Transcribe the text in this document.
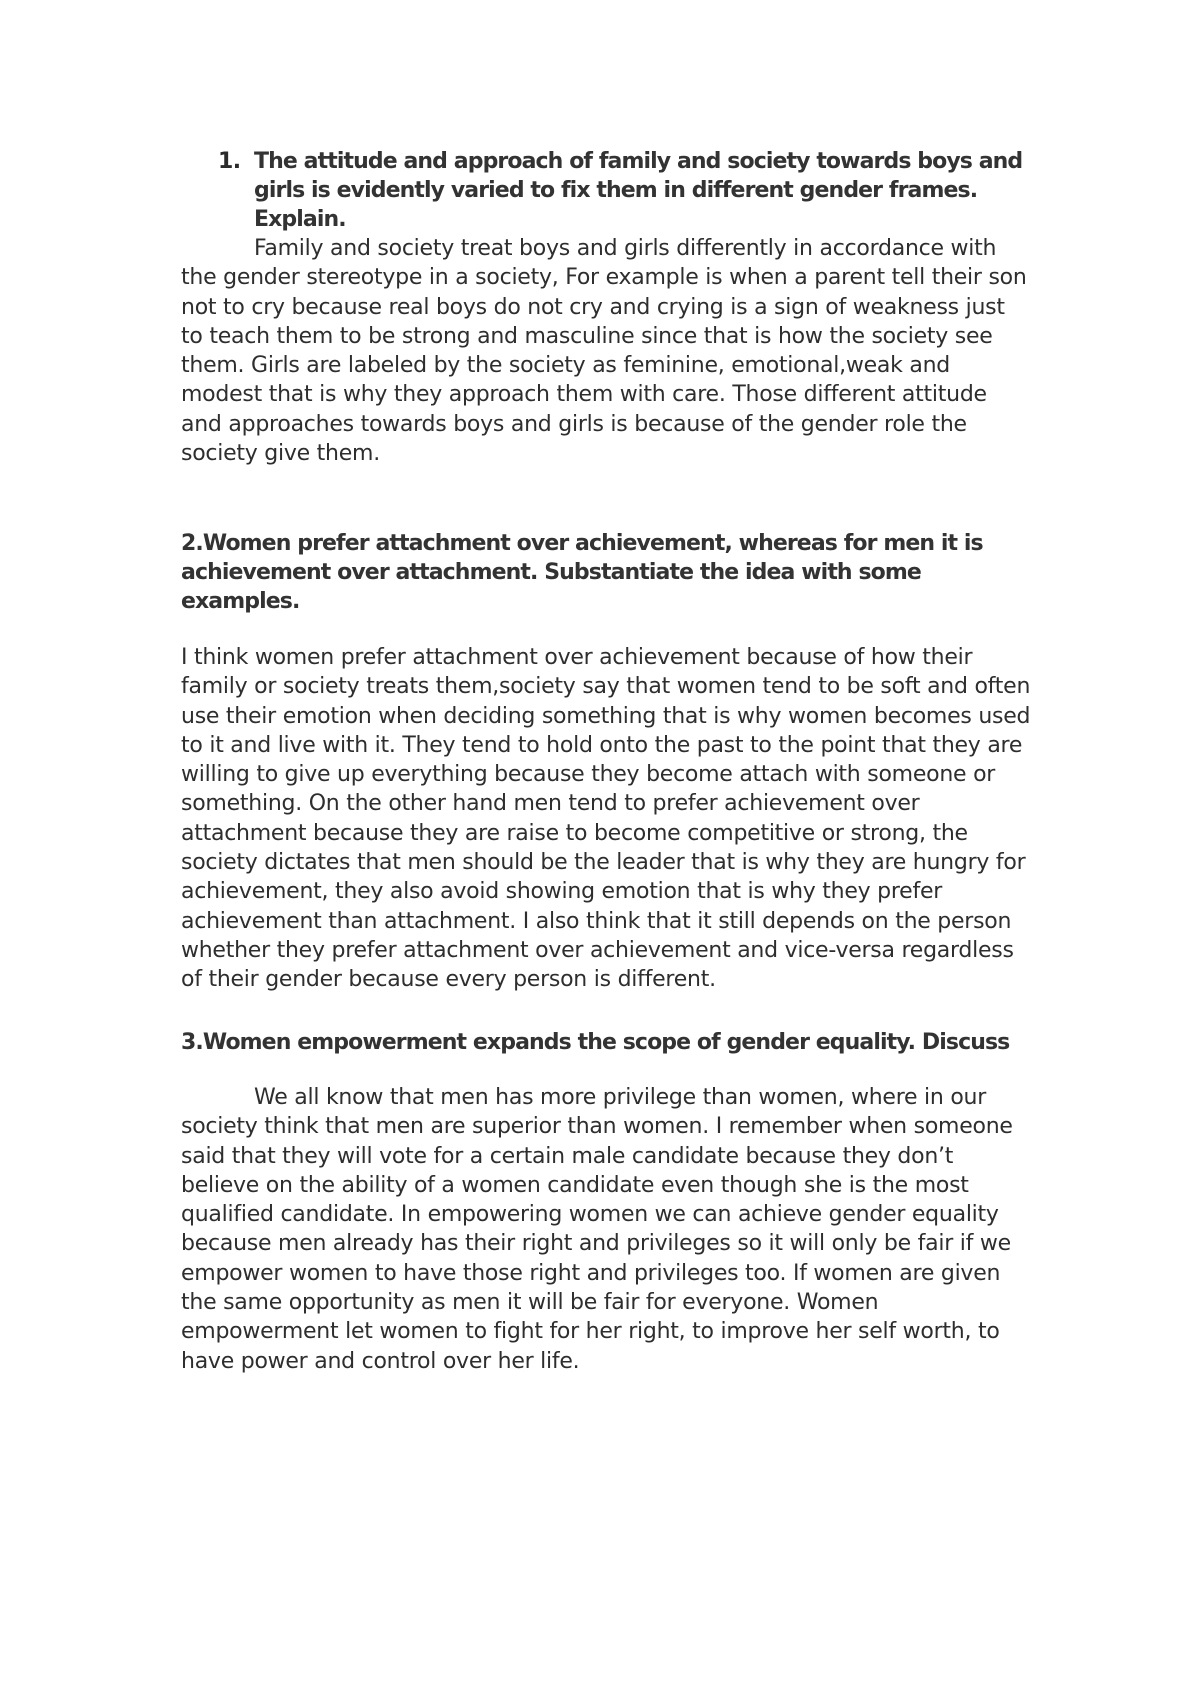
1. The attitude and approach of family and society towards boys and girls is evidently varied to fix them in different gender frames. Explain.

Family and society treat boys and girls differently in accordance with the gender stereotype in a society, For example is when a parent tell their son not to cry because real boys do not cry and crying is a sign of weakness just to teach them to be strong and masculine since that is how the society see them. Girls are labeled by the society as feminine, emotional,weak and modest that is why they approach them with care. Those different attitude and approaches towards boys and girls is because of the gender role the society give them.

2.Women prefer attachment over achievement, whereas for men it is achievement over attachment. Substantiate the idea with some examples.

I think women prefer attachment over achievement because of how their family or society treats them,society say that women tend to be soft and often use their emotion when deciding something that is why women becomes used to it and live with it. They tend to hold onto the past to the point that they are willing to give up everything because they become attach with someone or something. On the other hand men tend to prefer achievement over attachment because they are raise to become competitive or strong, the society dictates that men should be the leader that is why they are hungry for achievement, they also avoid showing emotion that is why they prefer achievement than attachment. I also think that it still depends on the person whether they prefer attachment over achievement and vice-versa regardless of their gender because every person is different.

3.Women empowerment expands the scope of gender equality. Discuss

We all know that men has more privilege than women, where in our society think that men are superior than women. I remember when someone said that they will vote for a certain male candidate because they don’t believe on the ability of a women candidate even though she is the most qualified candidate. In empowering women we can achieve gender equality because men already has their right and privileges so it will only be fair if we empower women to have those right and privileges too. If women are given the same opportunity as men it will be fair for everyone. Women empowerment let women to fight for her right, to improve her self worth, to have power and control over her life.
